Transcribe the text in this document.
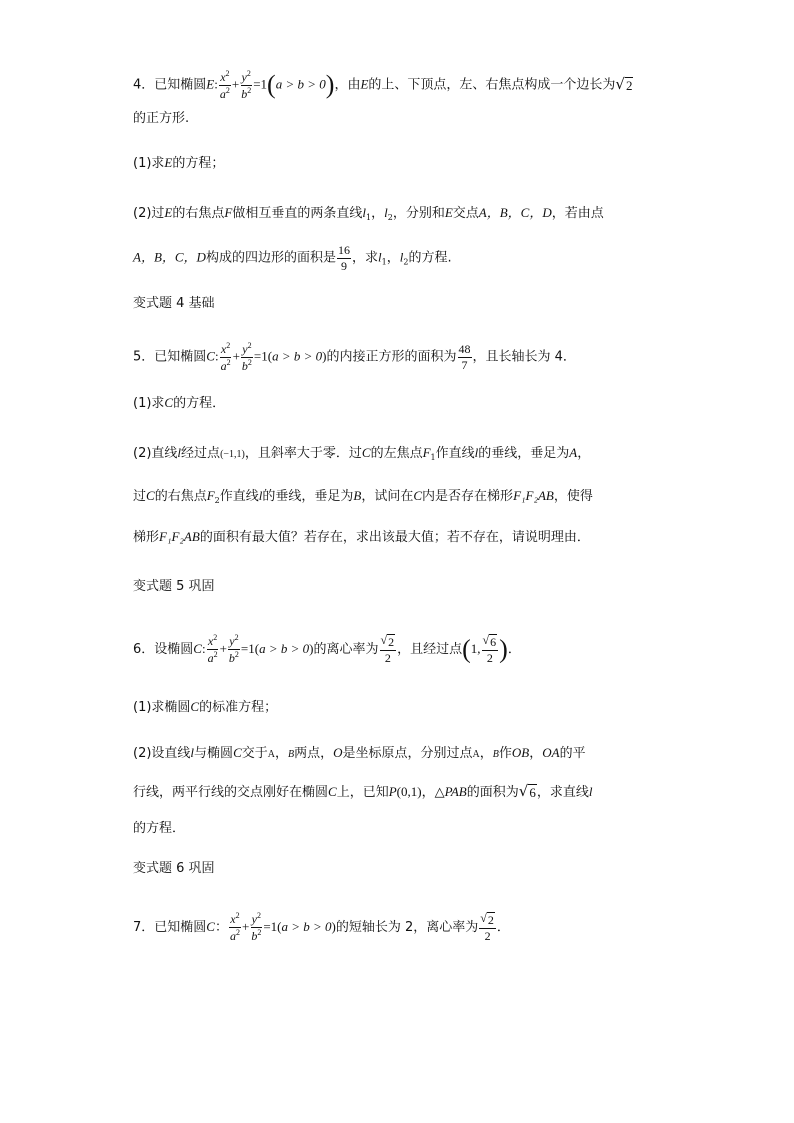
4．已知椭圆E: $\frac{x^2}{a^2} + \frac{y^2}{b^2} =1(a > b > 0)$，由E的上、下顶点，左、右焦点构成一个边长为 √ 2
的正方形.
(1)求E的方程；
(2)过E的右焦点F做相互垂直的两条直线$l_1$，$l_2$，分别和E交点A，B，C，D，若由点
A，B，C，D构成的四边形的面积是 $\frac{16}{9}$ ，求$l_1$，$l_2$的方程.
变式题 4 基础
5．已知椭圆C: $\frac{x^2}{a^2} + \frac{y^2}{b^2} =1(a > b > 0)$的内接正方形的面积为 $\frac{48}{7}$ ，且长轴长为 4．
(1)求C的方程．
(2)直线l经过点(−1,1)，且斜率大于零．过C的左焦点$F_1$作直线l的垂线，垂足为A，
过C的右焦点$F_2$作直线l的垂线，垂足为B，试问在C内是否存在梯形F₁F₂AB，使得
梯形F₁F₂AB的面积有最大值？若存在，求出该最大值；若不存在，请说明理由．
变式题 5 巩固
6．设椭圆C: $\frac{x^2}{a^2} + \frac{y^2}{b^2} =1(a > b > 0)$的离心率为 $\frac{√ 2}{2}$ ，且经过点(1, $\frac{√ 6}{2}$ )．
(1)求椭圆C的标准方程；
(2)设直线l与椭圆C交于A，B两点，O是坐标原点，分别过点A，B作OB，OA的平
行线，两平行线的交点刚好在椭圆C上，已知P(0,1)，△PAB的面积为 √ 6 ，求直线l
的方程．
变式题 6 巩固
7．已知椭圆C： $\frac{x^2}{a^2} + \frac{y^2}{b^2} =1(a > b > 0)$的短轴长为 2，离心率为 $\frac{√ 2}{2}$ ．
